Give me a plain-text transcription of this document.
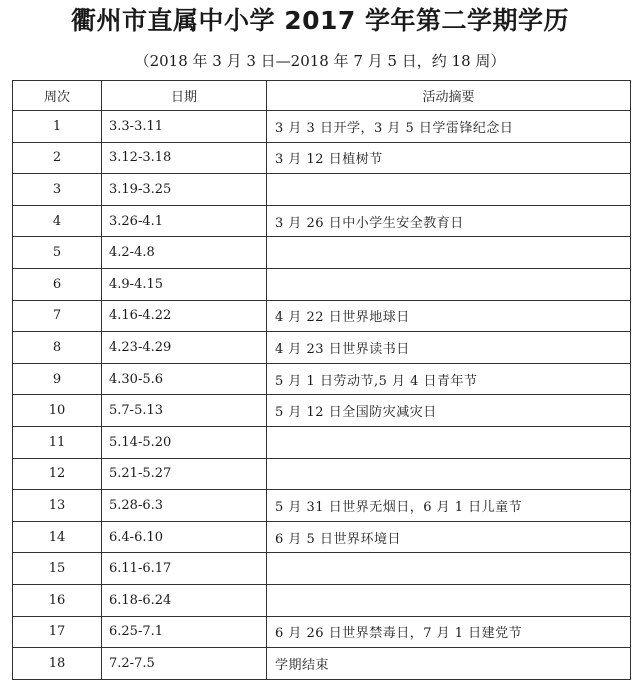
衢州市直属中小学 2017 学年第二学期学历
（2018 年 3 月 3 日—2018 年 7 月 5 日，约 18 周）
周次	日期	活动摘要
1	3.3-3.11	3 月 3 日开学，3 月 5 日学雷锋纪念日
2	3.12-3.18	3 月 12 日植树节
3	3.19-3.25	
4	3.26-4.1	3 月 26 日中小学生安全教育日
5	4.2-4.8	
6	4.9-4.15	
7	4.16-4.22	4 月 22 日世界地球日
8	4.23-4.29	4 月 23 日世界读书日
9	4.30-5.6	5 月 1 日劳动节,5 月 4 日青年节
10	5.7-5.13	5 月 12 日全国防灾减灾日
11	5.14-5.20	
12	5.21-5.27	
13	5.28-6.3	5 月 31 日世界无烟日，6 月 1 日儿童节
14	6.4-6.10	6 月 5 日世界环境日
15	6.11-6.17	
16	6.18-6.24	
17	6.25-7.1	6 月 26 日世界禁毒日，7 月 1 日建党节
18	7.2-7.5	学期结束
